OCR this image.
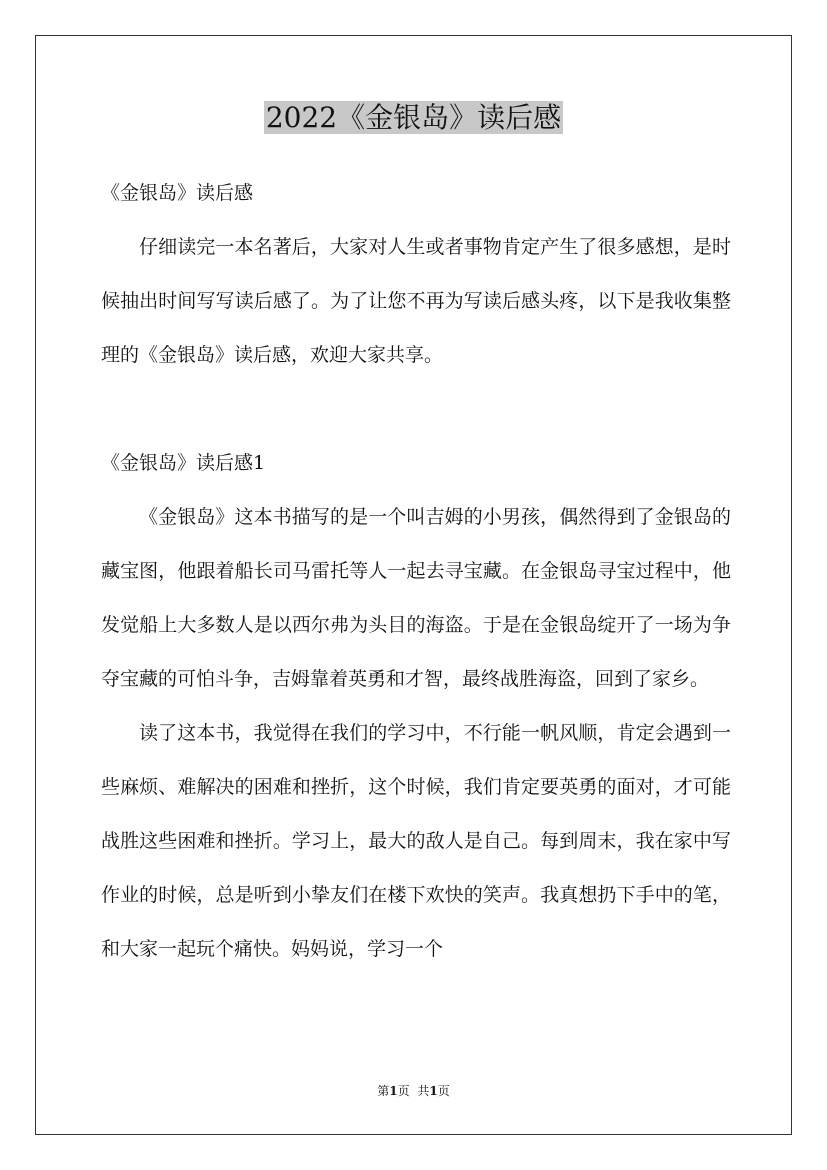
2022《金银岛》读后感

《金银岛》读后感

仔细读完一本名著后，大家对人生或者事物肯定产生了很多感想，是时候抽出时间写写读后感了。为了让您不再为写读后感头疼，以下是我收集整理的《金银岛》读后感，欢迎大家共享。

《金银岛》读后感1

《金银岛》这本书描写的是一个叫吉姆的小男孩，偶然得到了金银岛的藏宝图，他跟着船长司马雷托等人一起去寻宝藏。在金银岛寻宝过程中，他发觉船上大多数人是以西尔弗为头目的海盗。于是在金银岛绽开了一场为争夺宝藏的可怕斗争，吉姆靠着英勇和才智，最终战胜海盗，回到了家乡。

读了这本书，我觉得在我们的学习中，不行能一帆风顺，肯定会遇到一些麻烦、难解决的困难和挫折，这个时候，我们肯定要英勇的面对，才可能战胜这些困难和挫折。学习上，最大的敌人是自己。每到周末，我在家中写作业的时候，总是听到小挚友们在楼下欢快的笑声。我真想扔下手中的笔，和大家一起玩个痛快。妈妈说，学习一个

第1页 共1页
